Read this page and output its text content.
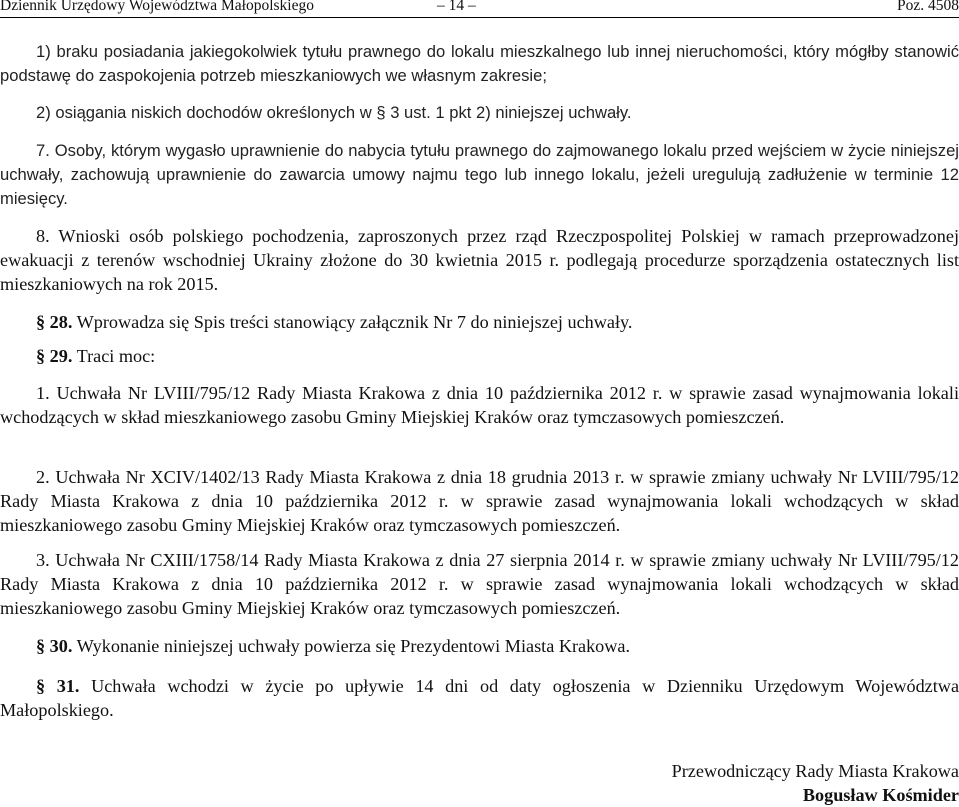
Dziennik Urzędowy Województwa Małopolskiego	– 14 –	Poz. 4508

1) braku posiadania jakiegokolwiek tytułu prawnego do lokalu mieszkalnego lub innej nieruchomości, który mógłby stanowić podstawę do zaspokojenia potrzeb mieszkaniowych we własnym zakresie;

2) osiągania niskich dochodów określonych w § 3 ust. 1 pkt 2) niniejszej uchwały.

7. Osoby, którym wygasło uprawnienie do nabycia tytułu prawnego do zajmowanego lokalu przed wejściem w życie niniejszej uchwały, zachowują uprawnienie do zawarcia umowy najmu tego lub innego lokalu, jeżeli uregulują zadłużenie w terminie 12 miesięcy.

8. Wnioski osób polskiego pochodzenia, zaproszonych przez rząd Rzeczpospolitej Polskiej w ramach przeprowadzonej ewakuacji z terenów wschodniej Ukrainy złożone do 30 kwietnia 2015 r. podlegają procedurze sporządzenia ostatecznych list mieszkaniowych na rok 2015.

§ 28. Wprowadza się Spis treści stanowiący załącznik Nr 7 do niniejszej uchwały.

§ 29. Traci moc:

1. Uchwała Nr LVIII/795/12 Rady Miasta Krakowa z dnia 10 października 2012 r. w sprawie zasad wynajmowania lokali wchodzących w skład mieszkaniowego zasobu Gminy Miejskiej Kraków oraz tymczasowych pomieszczeń.

2. Uchwała Nr XCIV/1402/13 Rady Miasta Krakowa z dnia 18 grudnia 2013 r. w sprawie zmiany uchwały Nr LVIII/795/12 Rady Miasta Krakowa z dnia 10 października 2012 r. w sprawie zasad wynajmowania lokali wchodzących w skład mieszkaniowego zasobu Gminy Miejskiej Kraków oraz tymczasowych pomieszczeń.

3. Uchwała Nr CXIII/1758/14 Rady Miasta Krakowa z dnia 27 sierpnia 2014 r. w sprawie zmiany uchwały Nr LVIII/795/12 Rady Miasta Krakowa z dnia 10 października 2012 r. w sprawie zasad wynajmowania lokali wchodzących w skład mieszkaniowego zasobu Gminy Miejskiej Kraków oraz tymczasowych pomieszczeń.

§ 30. Wykonanie niniejszej uchwały powierza się Prezydentowi Miasta Krakowa.

§ 31. Uchwała wchodzi w życie po upływie 14 dni od daty ogłoszenia w Dzienniku Urzędowym Województwa Małopolskiego.

Przewodniczący Rady Miasta Krakowa
Bogusław Kośmider
